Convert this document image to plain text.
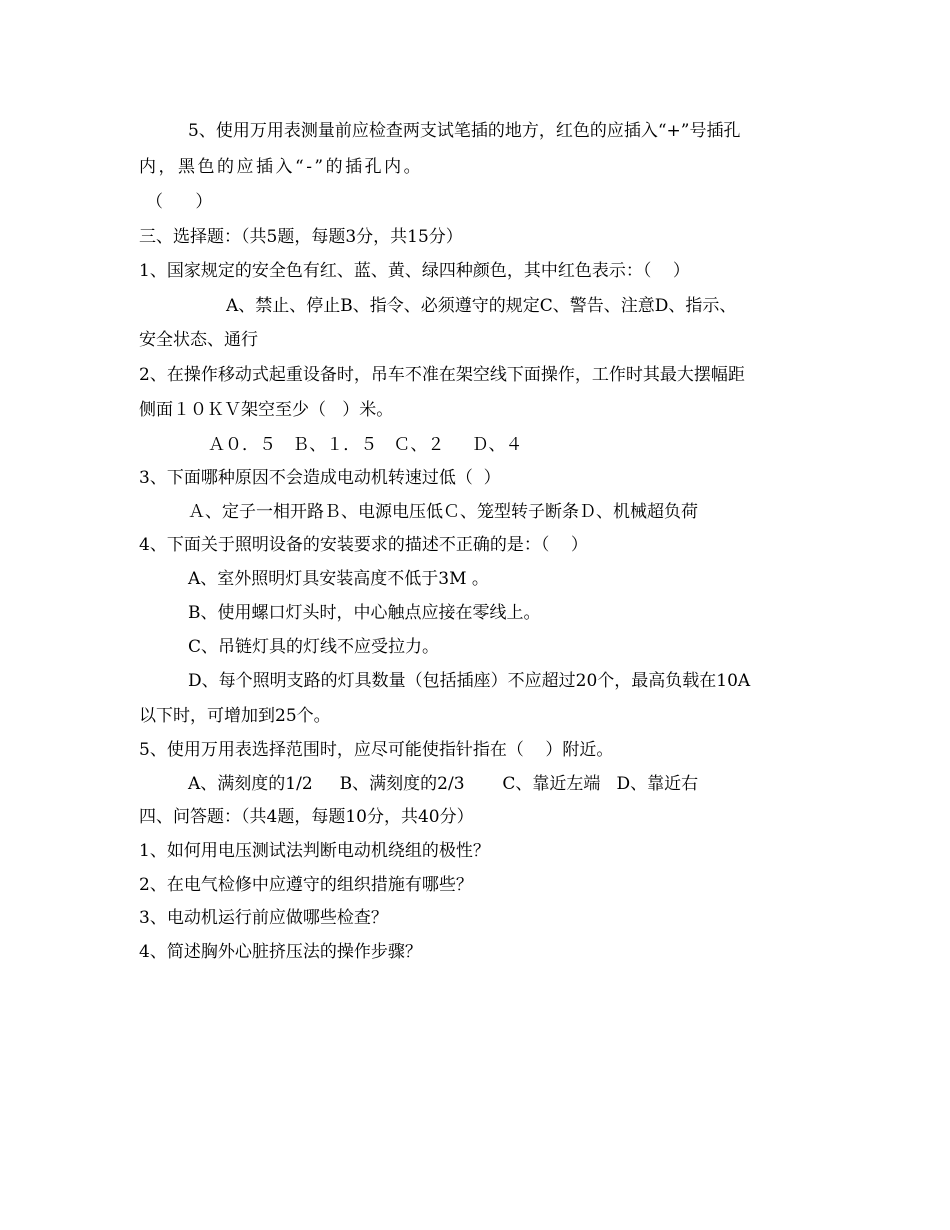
5、使用万用表测量前应检查两支试笔插的地方，红色的应插入“+”号插孔
内，黑色的应插入“-”的插孔内。
（      ）
三、选择题：（共5题，每题3分，共15分）
1、国家规定的安全色有红、蓝、黄、绿四种颜色，其中红色表示：（    ）
A、禁止、停止B、指令、必须遵守的规定C、警告、注意D、指示、
安全状态、通行
2、在操作移动式起重设备时，吊车不准在架空线下面操作，工作时其最大摆幅距
侧面１０ＫＶ架空至少（   ）米。
Ａ０．５   Ｂ、１．５   Ｃ、２     Ｄ、４
3、下面哪种原因不会造成电动机转速过低（  ）
Ａ、定子一相开路Ｂ、电源电压低Ｃ、笼型转子断条Ｄ、机械超负荷
4、下面关于照明设备的安装要求的描述不正确的是：（    ）
A、室外照明灯具安装高度不低于3M 。
B、使用螺口灯头时，中心触点应接在零线上。
C、吊链灯具的灯线不应受拉力。
D、每个照明支路的灯具数量（包括插座）不应超过20个，最高负载在10A
以下时，可增加到25个。
5、使用万用表选择范围时，应尽可能使指针指在（    ）附近。
A、满刻度的1/2     B、满刻度的2/3       C、靠近左端   D、靠近右
四、问答题：（共4题，每题10分，共40分）
1、如何用电压测试法判断电动机绕组的极性？
2、在电气检修中应遵守的组织措施有哪些？
3、电动机运行前应做哪些检查？
4、简述胸外心脏挤压法的操作步骤？
